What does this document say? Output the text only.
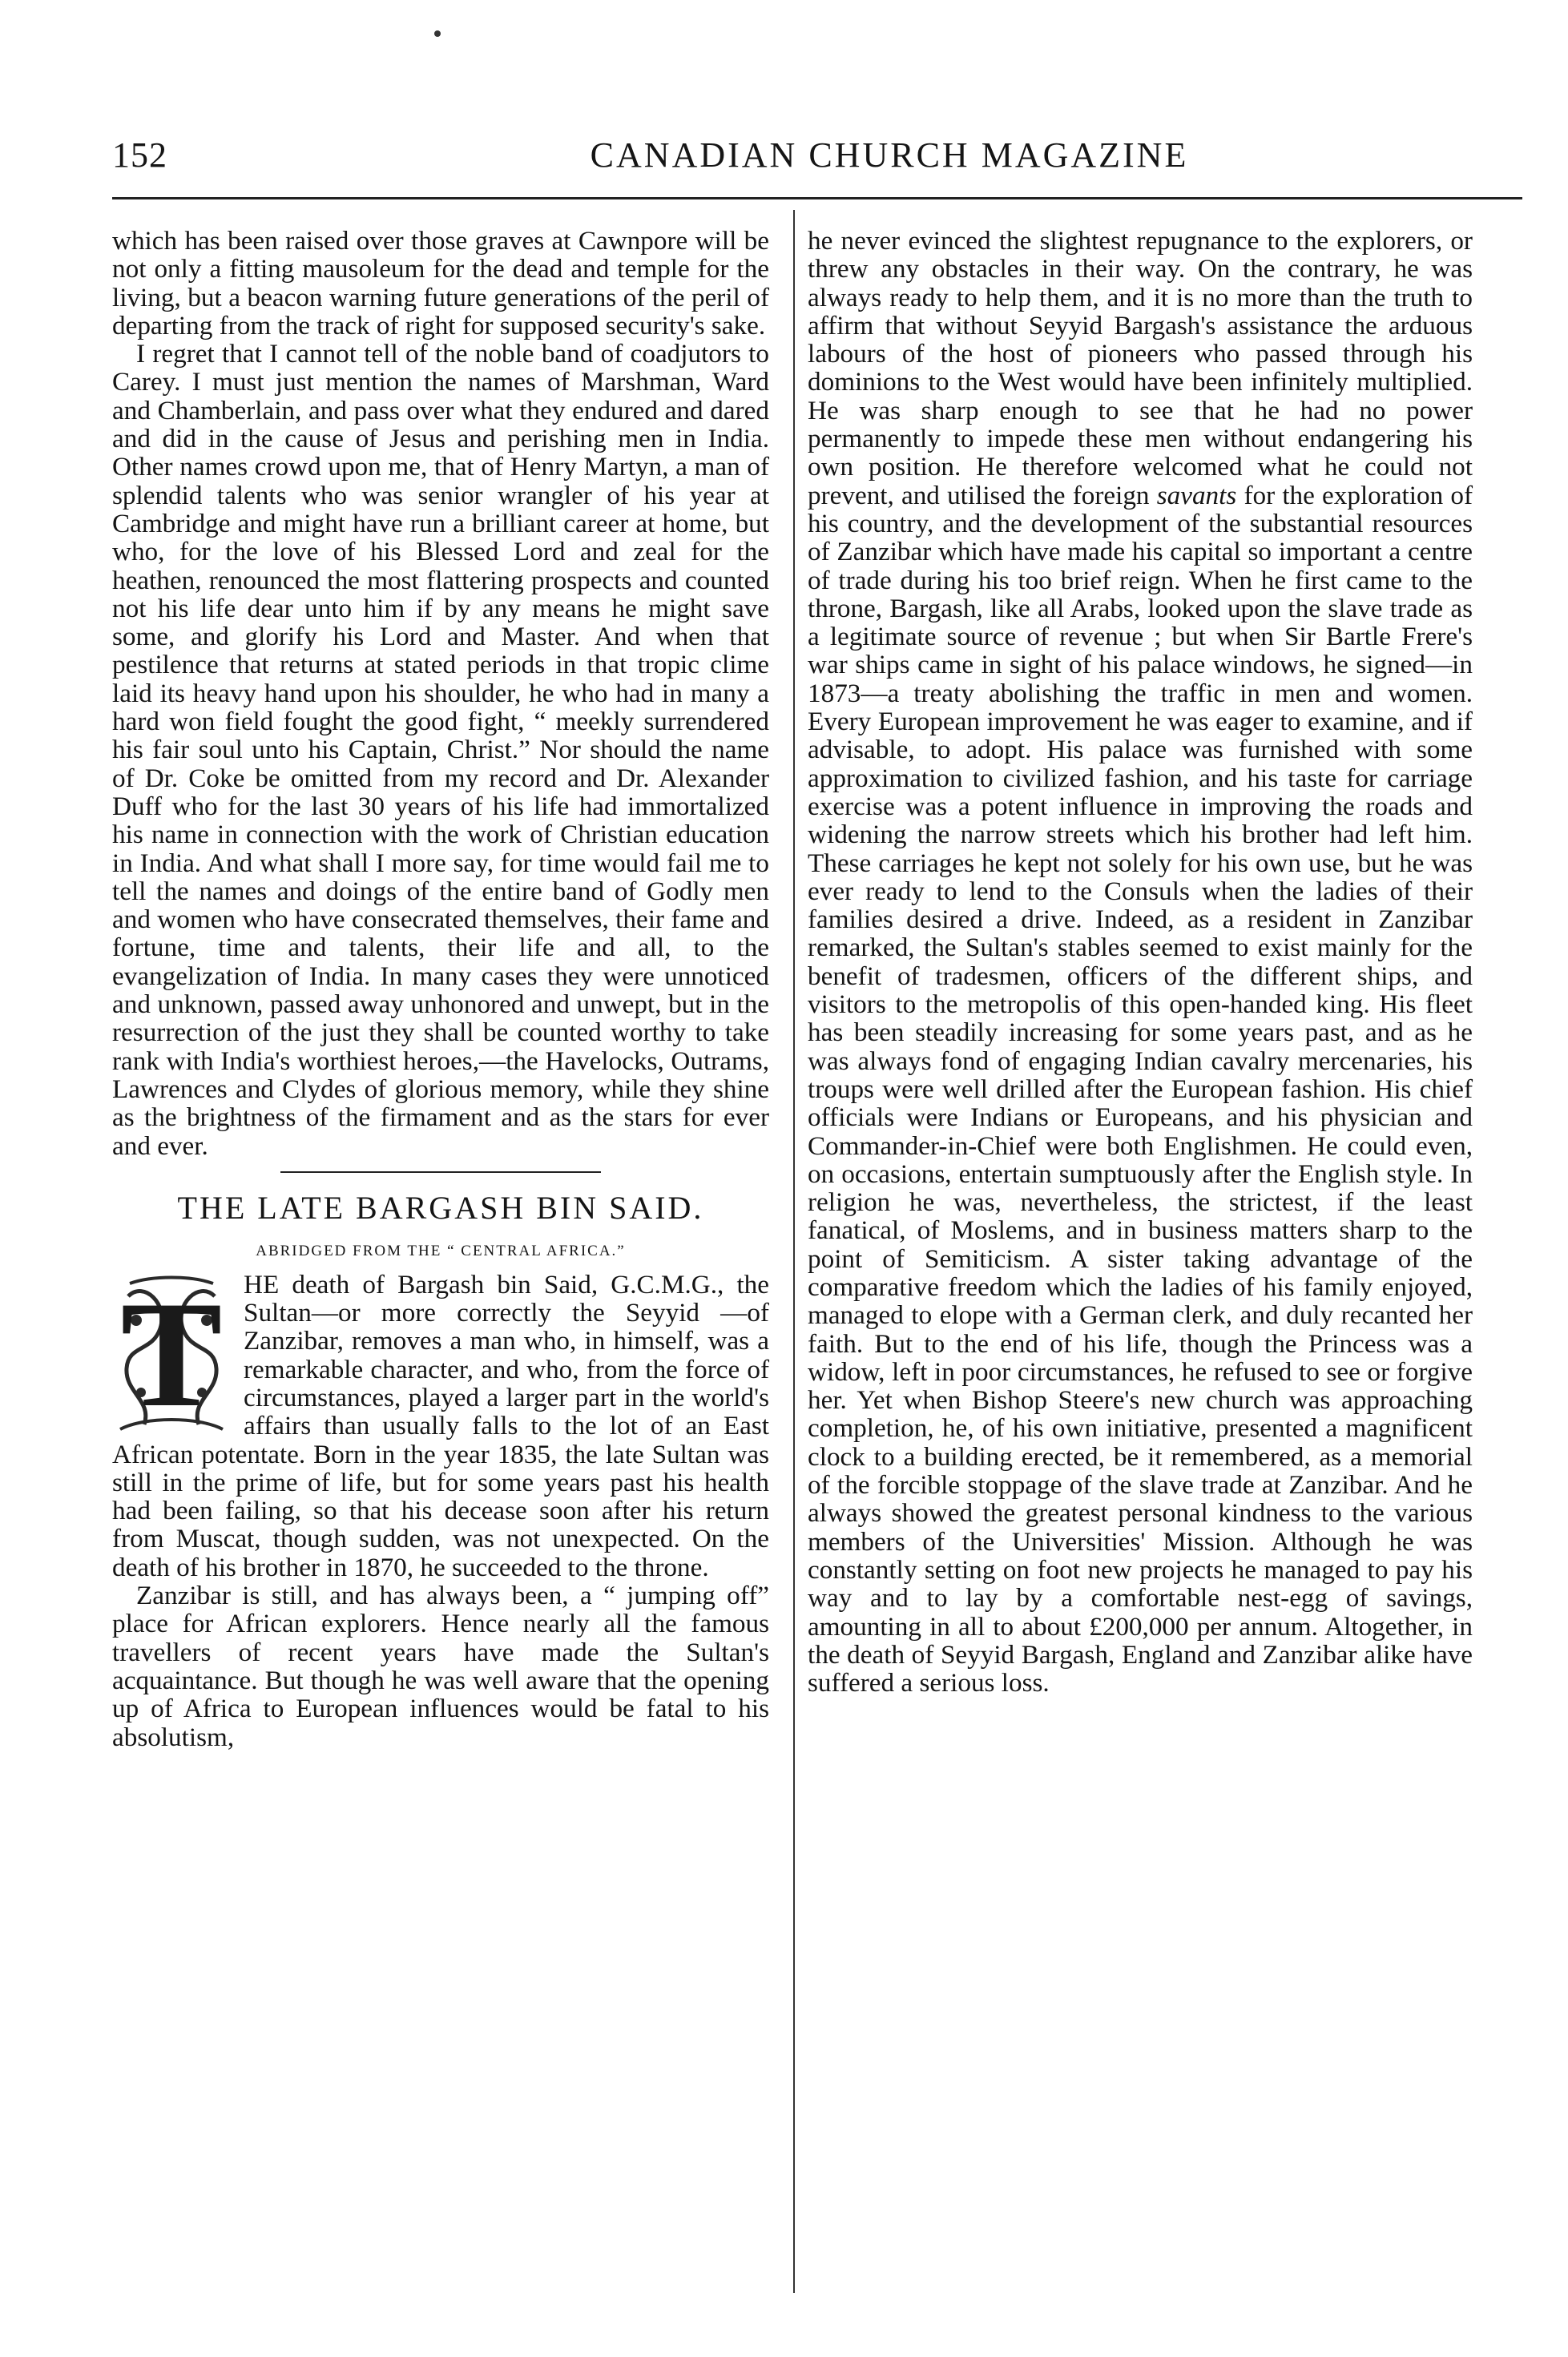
152	CANADIAN CHURCH MAGAZINE

which has been raised over those graves at Cawnpore will be not only a fitting mausoleum for the dead and temple for the living, but a beacon warning future generations of the peril of departing from the track of right for supposed security's sake.

I regret that I cannot tell of the noble band of coadjutors to Carey. I must just mention the names of Marshman, Ward and Chamberlain, and pass over what they endured and dared and did in the cause of Jesus and perishing men in India. Other names crowd upon me, that of Henry Martyn, a man of splendid talents who was senior wrangler of his year at Cambridge and might have run a brilliant career at home, but who, for the love of his Blessed Lord and zeal for the heathen, renounced the most flattering prospects and counted not his life dear unto him if by any means he might save some, and glorify his Lord and Master. And when that pestilence that returns at stated periods in that tropic clime laid its heavy hand upon his shoulder, he who had in many a hard won field fought the good fight, “ meekly surrendered his fair soul unto his Captain, Christ.” Nor should the name of Dr. Coke be omitted from my record and Dr. Alexander Duff who for the last 30 years of his life had immortalized his name in connection with the work of Christian education in India. And what shall I more say, for time would fail me to tell the names and doings of the entire band of Godly men and women who have consecrated themselves, their fame and fortune, time and talents, their life and all, to the evangelization of India. In many cases they were unnoticed and unknown, passed away unhonored and unwept, but in the resurrection of the just they shall be counted worthy to take rank with India's worthiest heroes,—the Havelocks, Outrams, Lawrences and Clydes of glorious memory, while they shine as the brightness of the firmament and as the stars for ever and ever.

THE LATE BARGASH BIN SAID.
ABRIDGED FROM THE “ CENTRAL AFRICA.”
T HE death of Bargash bin Said, G.C.M.G., the Sultan—or more correctly the Seyyid —of Zanzibar, removes a man who, in himself, was a remarkable character, and who, from the force of circumstances, played a larger part in the world's affairs than usually falls to the lot of an East African potentate. Born in the year 1835, the late Sultan was still in the prime of life, but for some years past his health had been failing, so that his decease soon after his return from Muscat, though sudden, was not unexpected. On the death of his brother in 1870, he succeeded to the throne.

Zanzibar is still, and has always been, a “ jumping off” place for African explorers. Hence nearly all the famous travellers of recent years have made the Sultan's acquaintance. But though he was well aware that the opening up of Africa to European influences would be fatal to his absolutism,

he never evinced the slightest repugnance to the explorers, or threw any obstacles in their way. On the contrary, he was always ready to help them, and it is no more than the truth to affirm that without Seyyid Bargash's assistance the arduous labours of the host of pioneers who passed through his dominions to the West would have been infinitely multiplied. He was sharp enough to see that he had no power permanently to impede these men without endangering his own position. He therefore welcomed what he could not prevent, and utilised the foreign savants for the exploration of his country, and the development of the substantial resources of Zanzibar which have made his capital so important a centre of trade during his too brief reign. When he first came to the throne, Bargash, like all Arabs, looked upon the slave trade as a legitimate source of revenue ; but when Sir Bartle Frere's war ships came in sight of his palace windows, he signed—in 1873—a treaty abolishing the traffic in men and women. Every European improvement he was eager to examine, and if advisable, to adopt. His palace was furnished with some approximation to civilized fashion, and his taste for carriage exercise was a potent influence in improving the roads and widening the narrow streets which his brother had left him. These carriages he kept not solely for his own use, but he was ever ready to lend to the Consuls when the ladies of their families desired a drive. Indeed, as a resident in Zanzibar remarked, the Sultan's stables seemed to exist mainly for the benefit of tradesmen, officers of the different ships, and visitors to the metropolis of this open-handed king. His fleet has been steadily increasing for some years past, and as he was always fond of engaging Indian cavalry mercenaries, his troups were well drilled after the European fashion. His chief officials were Indians or Europeans, and his physician and Commander-in-Chief were both Englishmen. He could even, on occasions, entertain sumptuously after the English style. In religion he was, nevertheless, the strictest, if the least fanatical, of Moslems, and in business matters sharp to the point of Semiticism. A sister taking advantage of the comparative freedom which the ladies of his family enjoyed, managed to elope with a German clerk, and duly recanted her faith. But to the end of his life, though the Princess was a widow, left in poor circumstances, he refused to see or forgive her. Yet when Bishop Steere's new church was approaching completion, he, of his own initiative, presented a magnificent clock to a building erected, be it remembered, as a memorial of the forcible stoppage of the slave trade at Zanzibar. And he always showed the greatest personal kindness to the various members of the Universities' Mission. Although he was constantly setting on foot new projects he managed to pay his way and to lay by a comfortable nest-egg of savings, amounting in all to about £200,000 per annum. Altogether, in the death of Seyyid Bargash, England and Zanzibar alike have suffered a serious loss.
